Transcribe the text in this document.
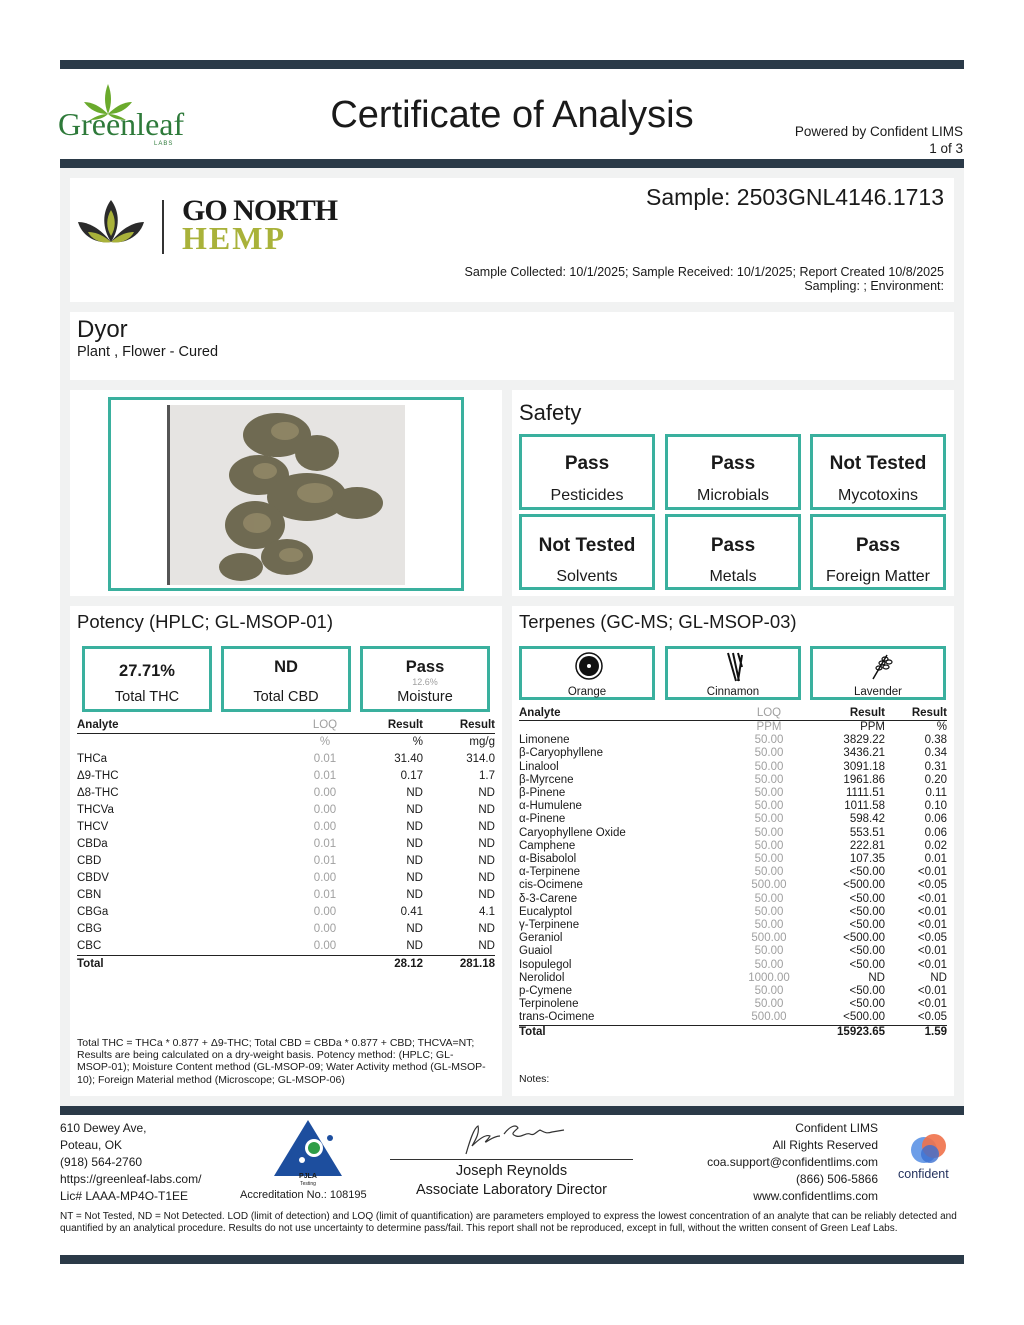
Greenleaf
LABS
Certificate of Analysis	Powered by Confident LIMS
1 of 3
GO NORTH
HEMP
Sample: 2503GNL4146.1713
Sample Collected: 10/1/2025; Sample Received: 10/1/2025; Report Created 10/8/2025
Sampling: ; Environment:
Dyor
Plant , Flower - Cured
Safety
Pass
Pesticides
Pass
Microbials
Not Tested
Mycotoxins
Not Tested
Solvents
Pass
Metals
Pass
Foreign Matter
Potency (HPLC; GL-MSOP-01)
27.71%
Total THC
ND
Total CBD
Pass
12.6%
Moisture
Analyte	LOQ	Result	Result
	%	%	mg/g
THCa	0.01	31.40	314.0
Δ9-THC	0.01	0.17	1.7
Δ8-THC	0.00	ND	ND
THCVa	0.00	ND	ND
THCV	0.00	ND	ND
CBDa	0.01	ND	ND
CBD	0.01	ND	ND
CBDV	0.00	ND	ND
CBN	0.01	ND	ND
CBGa	0.00	0.41	4.1
CBG	0.00	ND	ND
CBC	0.00	ND	ND
Total		28.12	281.18
Total THC = THCa * 0.877 + Δ9-THC; Total CBD = CBDa * 0.877 + CBD; THCVA=NT; Results are being calculated on a dry-weight basis. Potency method: (HPLC; GL-MSOP-01); Moisture Content method (GL-MSOP-09; Water Activity method (GL-MSOP-10); Foreign Material method (Microscope; GL-MSOP-06)
Terpenes (GC-MS; GL-MSOP-03)
Orange	Cinnamon	Lavender
Analyte	LOQ	Result	Result
	PPM	PPM	%
Limonene	50.00	3829.22	0.38
β-Caryophyllene	50.00	3436.21	0.34
Linalool	50.00	3091.18	0.31
β-Myrcene	50.00	1961.86	0.20
β-Pinene	50.00	1111.51	0.11
α-Humulene	50.00	1011.58	0.10
α-Pinene	50.00	598.42	0.06
Caryophyllene Oxide	50.00	553.51	0.06
Camphene	50.00	222.81	0.02
α-Bisabolol	50.00	107.35	0.01
α-Terpinene	50.00	<50.00	<0.01
cis-Ocimene	500.00	<500.00	<0.05
δ-3-Carene	50.00	<50.00	<0.01
Eucalyptol	50.00	<50.00	<0.01
γ-Terpinene	50.00	<50.00	<0.01
Geraniol	500.00	<500.00	<0.05
Guaiol	50.00	<50.00	<0.01
Isopulegol	50.00	<50.00	<0.01
Nerolidol	1000.00	ND	ND
p-Cymene	50.00	<50.00	<0.01
Terpinolene	50.00	<50.00	<0.01
trans-Ocimene	500.00	<500.00	<0.05
Total		15923.65	1.59
Notes:
610 Dewey Ave,
Poteau, OK
(918) 564-2760
https://greenleaf-labs.com/
Lic# LAAA-MP4O-T1EE
PJLA
Testing
Accreditation No.: 108195
Joseph Reynolds
Associate Laboratory Director
Confident LIMS
All Rights Reserved
coa.support@confidentlims.com
(866) 506-5866
www.confidentlims.com
confident
NT = Not Tested, ND = Not Detected. LOD (limit of detection) and LOQ (limit of quantification) are parameters employed to express the lowest concentration of an analyte that can be reliably detected and quantified by an analytical procedure. Results do not use uncertainty to determine pass/fail. This report shall not be reproduced, except in full, without the written consent of Green Leaf Labs.
